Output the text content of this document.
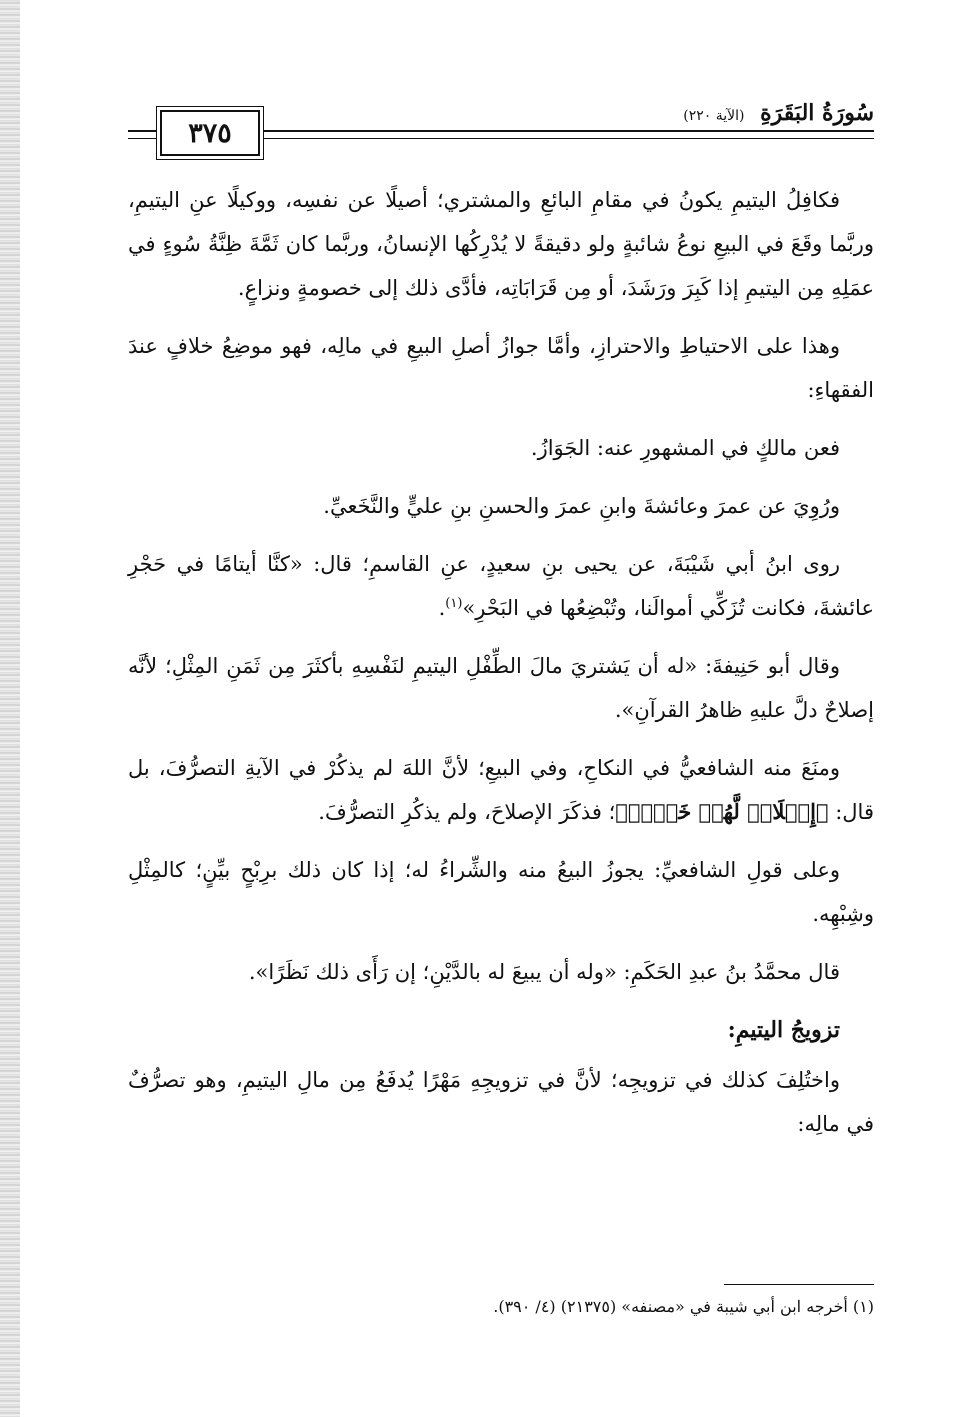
٣٧٥
سُورَةُ البَقَرَةِ (الآية ٢٢٠)

فكافِلُ اليتيمِ يكونُ في مقامِ البائعِ والمشتري؛ أصيلًا عن نفسِه، ووكيلًا عنِ اليتيمِ، وربَّما وقَعَ في البيعِ نوعُ شائبةٍ ولو دقيقةً لا يُدْرِكُها الإنسانُ، وربَّما كان ثَمَّةَ ظِنَّةُ سُوءٍ في عمَلِهِ مِن اليتيمِ إذا كَبِرَ ورَشَدَ، أو مِن قَرَابَاتِه، فأدَّى ذلك إلى خصومةٍ ونزاعٍ.

وهذا على الاحتياطِ والاحترازِ، وأمَّا جوازُ أصلِ البيعِ في مالِه، فهو موضِعُ خلافٍ عندَ الفقهاءِ:

فعن مالكٍ في المشهورِ عنه: الجَوَازُ.

ورُوِيَ عن عمرَ وعائشةَ وابنِ عمرَ والحسنِ بنِ عليٍّ والنَّخَعيِّ.

روى ابنُ أبي شَيْبَةَ، عن يحيى بنِ سعيدٍ، عنِ القاسمِ؛ قال: «كنَّا أيتامًا في حَجْرِ عائشةَ، فكانت تُزَكِّي أموالَنا، وتُبْضِعُها في البَحْرِ»$^{(١)}$.

وقال أبو حَنِيفةَ: «له أن يَشتريَ مالَ الطِّفْلِ اليتيمِ لنَفْسِهِ بأكثَرَ مِن ثَمَنِ المِثْلِ؛ لأنَّه إصلاحٌ دلَّ عليهِ ظاهرُ القرآنِ».

ومنَعَ منه الشافعيُّ في النكاحِ، وفي البيعِ؛ لأنَّ اللهَ لم يذكُرْ في الآيةِ التصرُّفَ، بل قال: ﴿إِصۡلَاحٞ لَّهُمۡ خَيۡرٞ﴾؛ فذكَرَ الإصلاحَ، ولم يذكُرِ التصرُّفَ.

وعلى قولِ الشافعيِّ: يجوزُ البيعُ منه والشِّراءُ له؛ إذا كان ذلك برِبْحٍ بيِّنٍ؛ كالمِثْلِ وشِبْهِه.

قال محمَّدُ بنُ عبدِ الحَكَمِ: «وله أن يبيعَ له بالدَّيْنِ؛ إن رَأَى ذلك نَظَرًا».

تزويجُ اليتيمِ:

واختُلِفَ كذلك في تزويجِه؛ لأنَّ في تزويجِهِ مَهْرًا يُدفَعُ مِن مالِ اليتيمِ، وهو تصرُّفٌ في مالِه:

(١) أخرجه ابن أبي شيبة في «مصنفه» (٢١٣٧٥) (٤/ ٣٩٠).
